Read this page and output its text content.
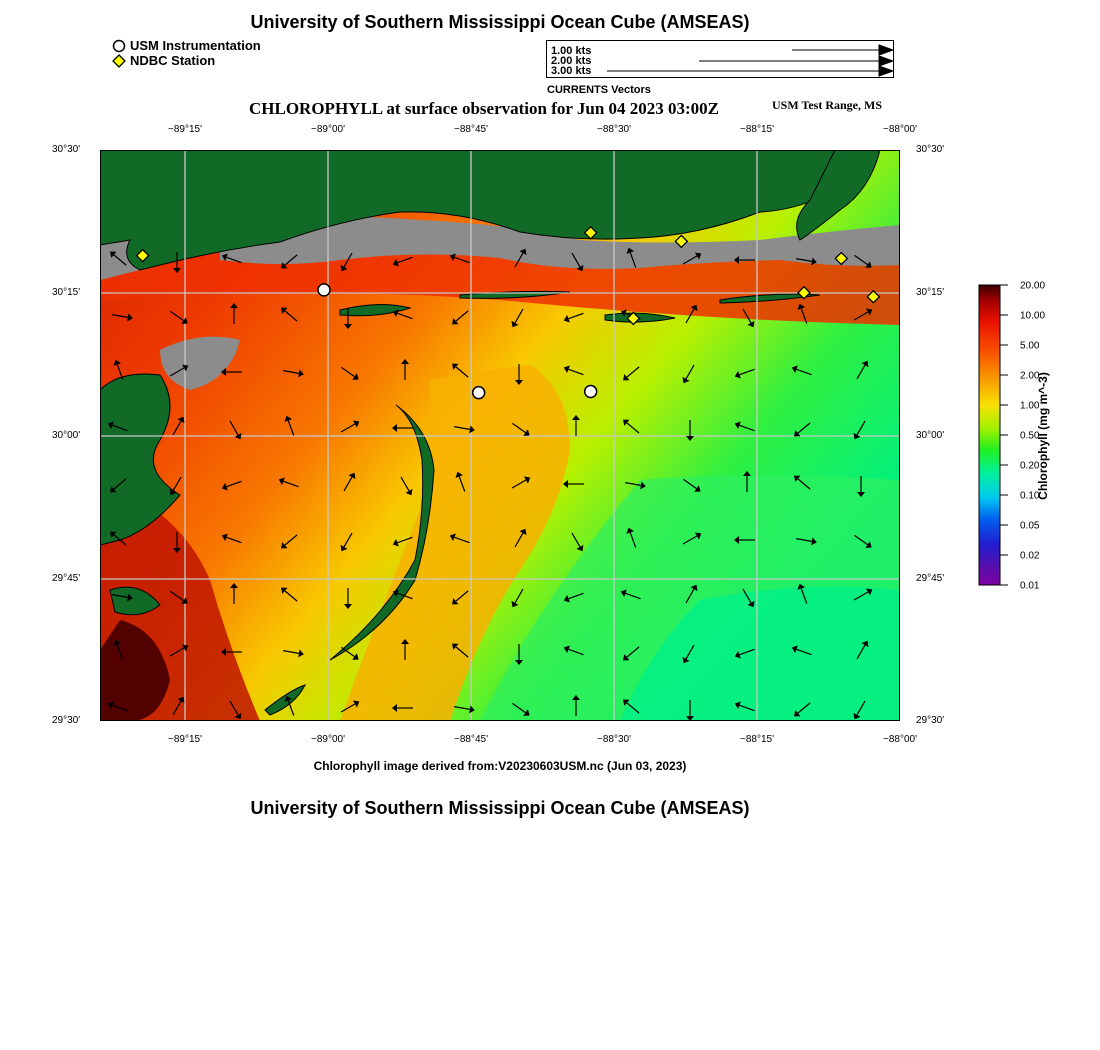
University of Southern Mississippi Ocean Cube (AMSEAS)
USM Instrumentation
NDBC Station
1.00 kts
2.00 kts
3.00 kts
CURRENTS Vectors
CHLOROPHYLL at surface observation for Jun 04 2023 03:00Z	USM Test Range, MS
−89°15'	−89°00'	−88°45'	−88°30'	−88°15'	−88°00'
−89°15'	−89°00'	−88°45'	−88°30'	−88°15'	−88°00'
30°30'
30°15'
30°00'
29°45'
29°30'
30°30'
30°15'
30°00'
29°45'
29°30'
20.00
10.00
5.00
2.00
1.00
0.50
0.20
0.10
0.05
0.02
0.01
Chlorophyll (mg m^-3)
Chlorophyll image derived from:V20230603USM.nc (Jun 03, 2023)
University of Southern Mississippi Ocean Cube (AMSEAS)
